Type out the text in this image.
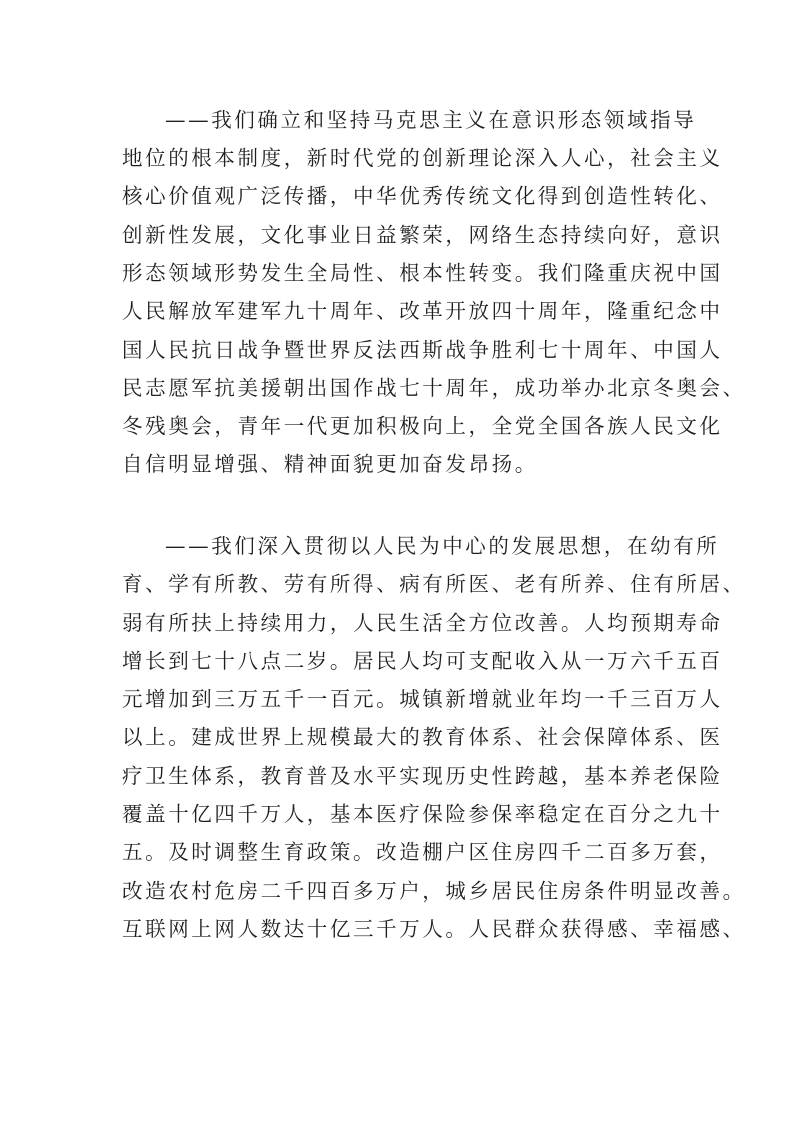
——我们确立和坚持马克思主义在意识形态领域指导
地位的根本制度，新时代党的创新理论深入人心，社会主义
核心价值观广泛传播，中华优秀传统文化得到创造性转化、
创新性发展，文化事业日益繁荣，网络生态持续向好，意识
形态领域形势发生全局性、根本性转变。我们隆重庆祝中国
人民解放军建军九十周年、改革开放四十周年，隆重纪念中
国人民抗日战争暨世界反法西斯战争胜利七十周年、中国人
民志愿军抗美援朝出国作战七十周年，成功举办北京冬奥会、
冬残奥会，青年一代更加积极向上，全党全国各族人民文化
自信明显增强、精神面貌更加奋发昂扬。
——我们深入贯彻以人民为中心的发展思想，在幼有所
育、学有所教、劳有所得、病有所医、老有所养、住有所居、
弱有所扶上持续用力，人民生活全方位改善。人均预期寿命
增长到七十八点二岁。居民人均可支配收入从一万六千五百
元增加到三万五千一百元。城镇新增就业年均一千三百万人
以上。建成世界上规模最大的教育体系、社会保障体系、医
疗卫生体系，教育普及水平实现历史性跨越，基本养老保险
覆盖十亿四千万人，基本医疗保险参保率稳定在百分之九十
五。及时调整生育政策。改造棚户区住房四千二百多万套，
改造农村危房二千四百多万户，城乡居民住房条件明显改善。
互联网上网人数达十亿三千万人。人民群众获得感、幸福感、
